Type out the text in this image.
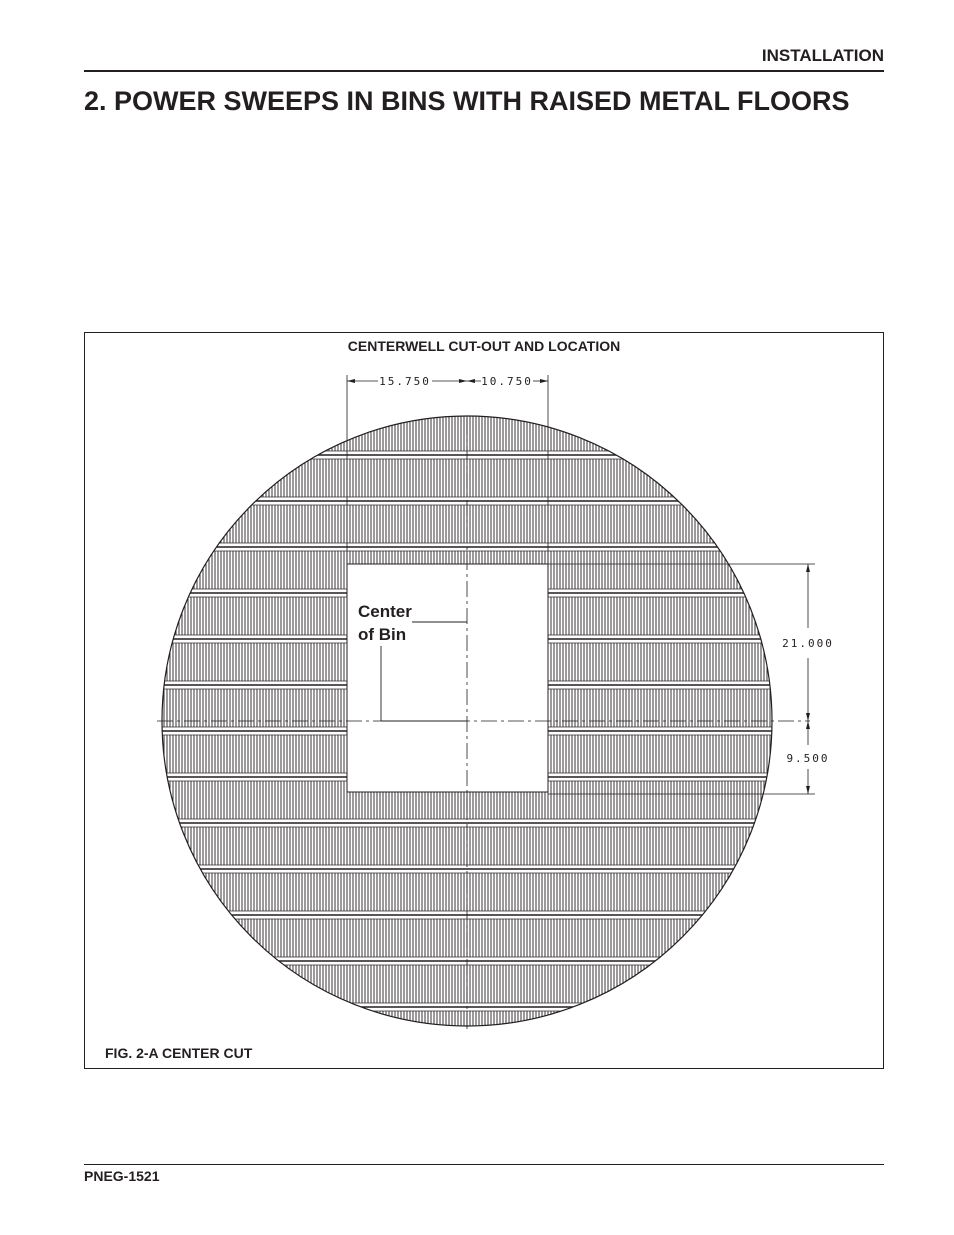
INSTALLATION
2. POWER SWEEPS IN BINS WITH RAISED METAL FLOORS
15.750	10.750
21.000
9.500
CENTERWELL CUT-OUT AND LOCATION
Center
of Bin
FIG. 2-A CENTER CUT
PNEG-1521
